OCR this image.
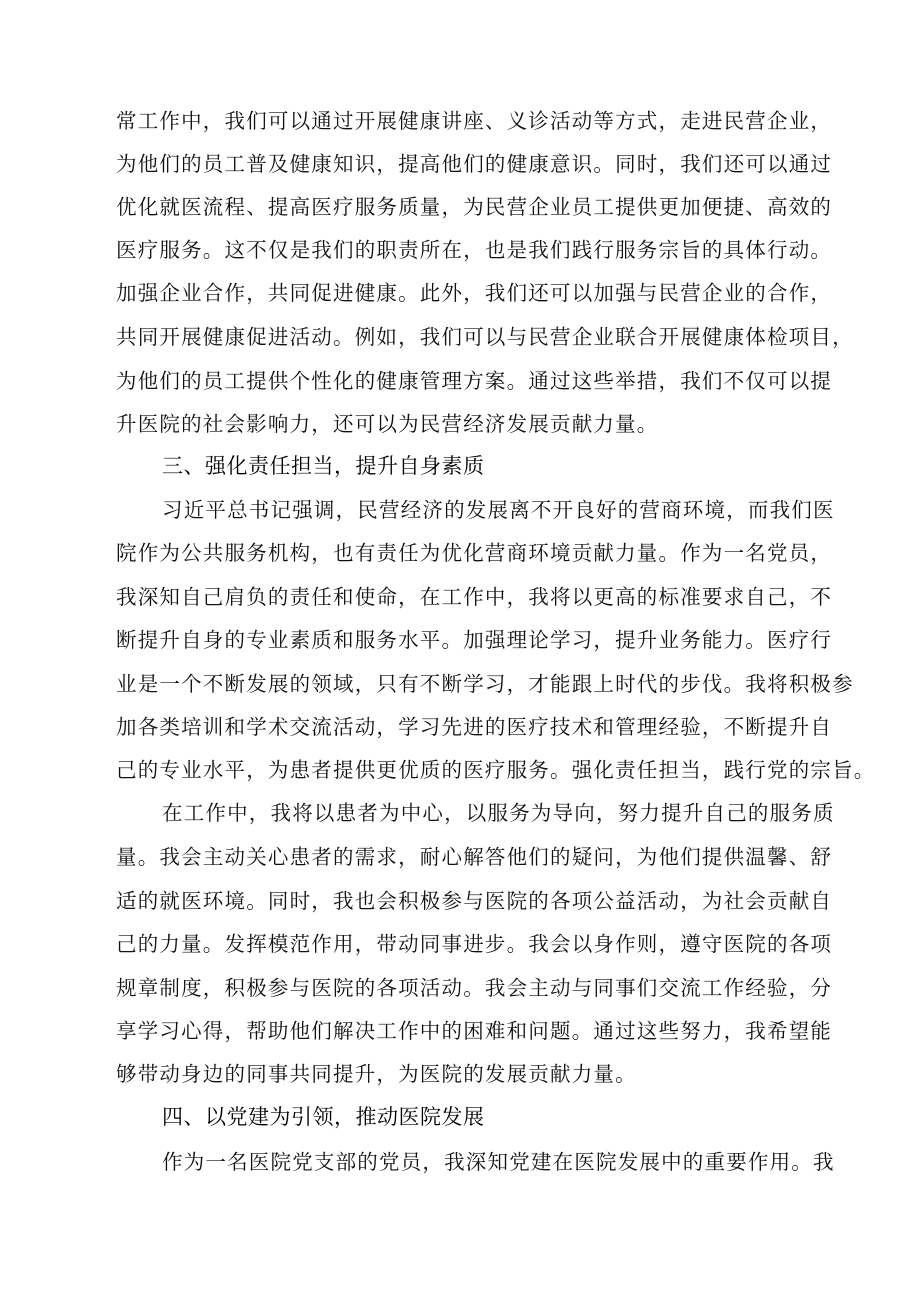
常工作中，我们可以通过开展健康讲座、义诊活动等方式，走进民营企业，
为他们的员工普及健康知识，提高他们的健康意识。同时，我们还可以通过
优化就医流程、提高医疗服务质量，为民营企业员工提供更加便捷、高效的
医疗服务。这不仅是我们的职责所在，也是我们践行服务宗旨的具体行动。
加强企业合作，共同促进健康。此外，我们还可以加强与民营企业的合作，
共同开展健康促进活动。例如，我们可以与民营企业联合开展健康体检项目，
为他们的员工提供个性化的健康管理方案。通过这些举措，我们不仅可以提
升医院的社会影响力，还可以为民营经济发展贡献力量。
三、强化责任担当，提升自身素质
习近平总书记强调，民营经济的发展离不开良好的营商环境，而我们医
院作为公共服务机构，也有责任为优化营商环境贡献力量。作为一名党员，
我深知自己肩负的责任和使命，在工作中，我将以更高的标准要求自己，不
断提升自身的专业素质和服务水平。加强理论学习，提升业务能力。医疗行
业是一个不断发展的领域，只有不断学习，才能跟上时代的步伐。我将积极参
加各类培训和学术交流活动，学习先进的医疗技术和管理经验，不断提升自
己的专业水平，为患者提供更优质的医疗服务。强化责任担当，践行党的宗旨。
在工作中，我将以患者为中心，以服务为导向，努力提升自己的服务质
量。我会主动关心患者的需求，耐心解答他们的疑问，为他们提供温馨、舒
适的就医环境。同时，我也会积极参与医院的各项公益活动，为社会贡献自
己的力量。发挥模范作用，带动同事进步。我会以身作则，遵守医院的各项
规章制度，积极参与医院的各项活动。我会主动与同事们交流工作经验，分
享学习心得，帮助他们解决工作中的困难和问题。通过这些努力，我希望能
够带动身边的同事共同提升，为医院的发展贡献力量。
四、以党建为引领，推动医院发展
作为一名医院党支部的党员，我深知党建在医院发展中的重要作用。我
